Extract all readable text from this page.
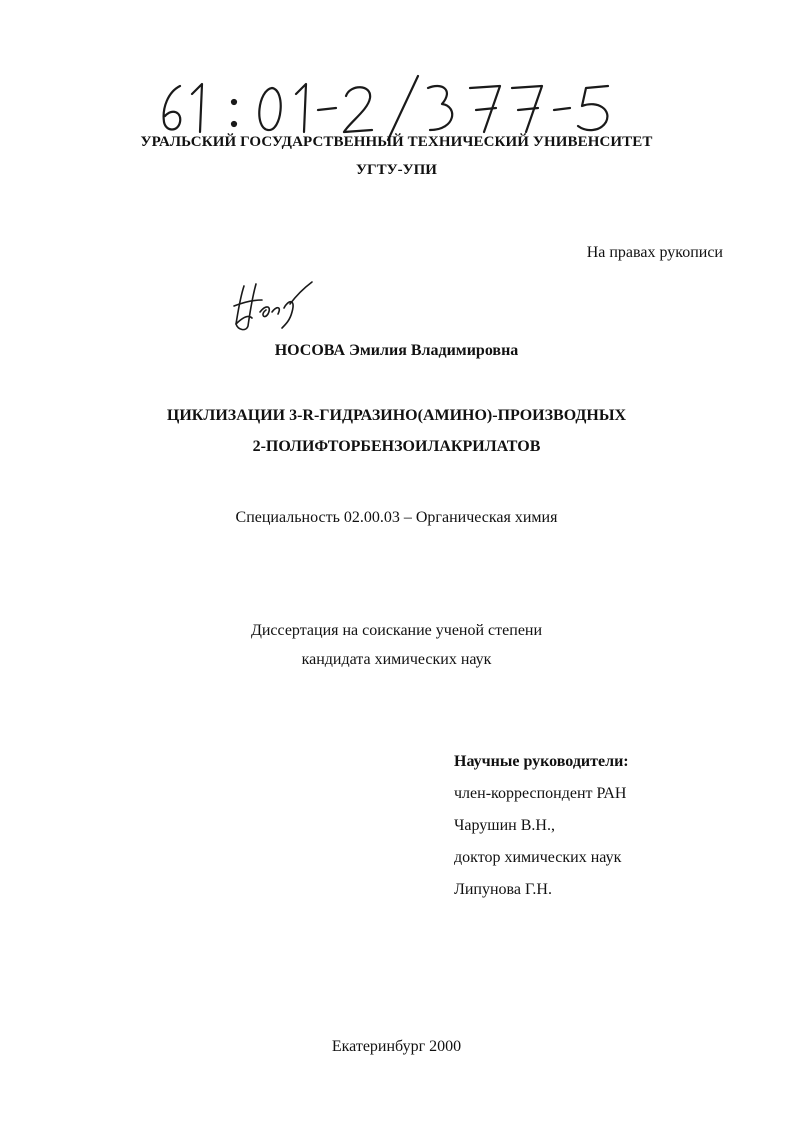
УРАЛЬСКИЙ ГОСУДАРСТВЕННЫЙ ТЕХНИЧЕСКИЙ УНИВЕНСИТЕТ
УГТУ-УПИ
На правах рукописи
НОСОВА Эмилия Владимировна
ЦИКЛИЗАЦИИ 3-R-ГИДРАЗИНО(АМИНО)-ПРОИЗВОДНЫХ
2-ПОЛИФТОРБЕНЗОИЛАКРИЛАТОВ
Специальность 02.00.03 – Органическая химия
Диссертация на соискание ученой степени
кандидата химических наук
Научные руководители:
член-корреспондент РАН
Чарушин В.Н.,
доктор химических наук
Липунова Г.Н.
Екатеринбург 2000
